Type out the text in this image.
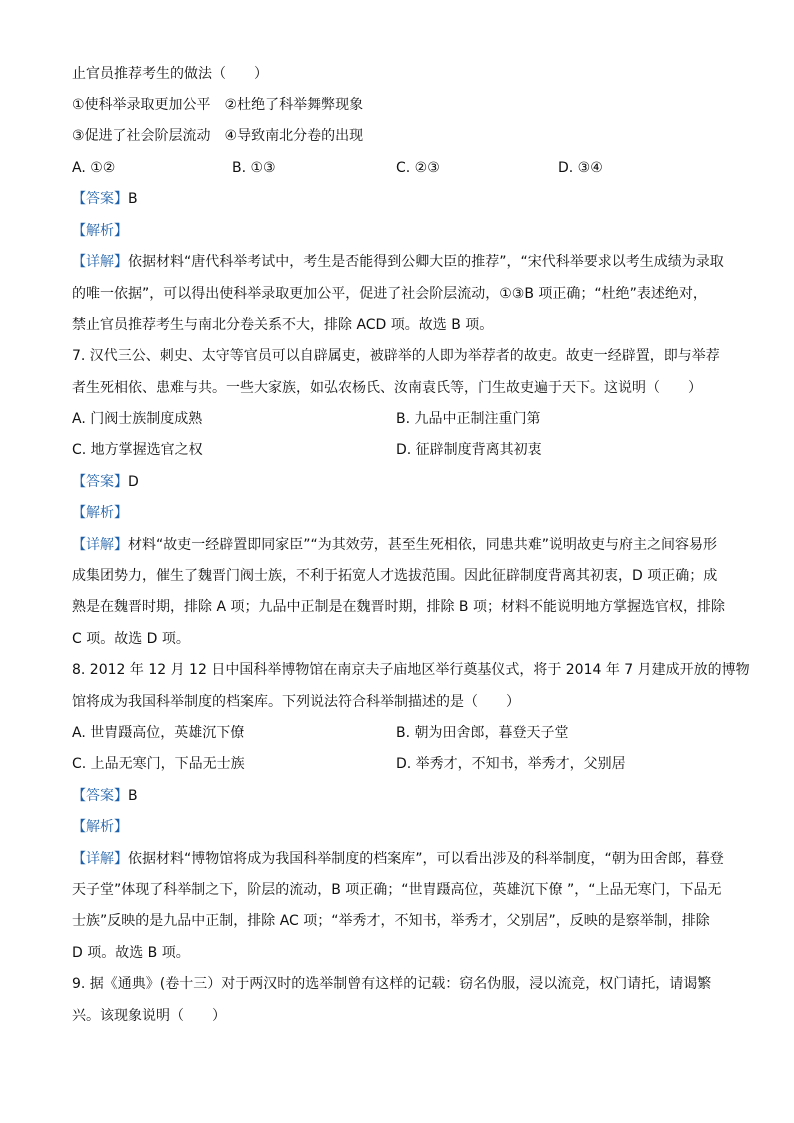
止官员推荐考生的做法（　　）
①使科举录取更加公平　②杜绝了科举舞弊现象
③促进了社会阶层流动　④导致南北分卷的出现
A. ①②	B. ①③	C. ②③	D. ③④
【答案】B
【解析】
【详解】依据材料“唐代科举考试中，考生是否能得到公卿大臣的推荐”，“宋代科举要求以考生成绩为录取
的唯一依据”，可以得出使科举录取更加公平，促进了社会阶层流动，①③B 项正确；“杜绝”表述绝对，
禁止官员推荐考生与南北分卷关系不大，排除 ACD 项。故选 B 项。
7. 汉代三公、刺史、太守等官员可以自辟属吏，被辟举的人即为举荐者的故吏。故吏一经辟置，即与举荐
者生死相依、患难与共。一些大家族，如弘农杨氏、汝南袁氏等，门生故吏遍于天下。这说明（　　）
A. 门阀士族制度成熟	B. 九品中正制注重门第
C. 地方掌握选官之权	D. 征辟制度背离其初衷
【答案】D
【解析】
【详解】材料“故吏一经辟置即同家臣”“为其效劳，甚至生死相依，同患共难”说明故吏与府主之间容易形
成集团势力，催生了魏晋门阀士族，不利于拓宽人才选拔范围。因此征辟制度背离其初衷，D 项正确；成
熟是在魏晋时期，排除 A 项；九品中正制是在魏晋时期，排除 B 项；材料不能说明地方掌握选官权，排除
C 项。故选 D 项。
8. 2012 年 12 月 12 日中国科举博物馆在南京夫子庙地区举行奠基仪式，将于 2014 年 7 月建成开放的博物
馆将成为我国科举制度的档案库。下列说法符合科举制描述的是（　　）
A. 世胄蹑高位，英雄沉下僚	B. 朝为田舍郎，暮登天子堂
C. 上品无寒门，下品无士族	D. 举秀才，不知书，举秀才，父别居
【答案】B
【解析】
【详解】依据材料“博物馆将成为我国科举制度的档案库”，可以看出涉及的科举制度，“朝为田舍郎，暮登
天子堂”体现了科举制之下，阶层的流动，B 项正确；“世胄蹑高位，英雄沉下僚 ”，“上品无寒门，下品无
士族”反映的是九品中正制，排除 AC 项；“举秀才，不知书，举秀才，父别居”，反映的是察举制，排除
D 项。故选 B 项。
9. 据《通典》(卷十三）对于两汉时的选举制曾有这样的记载：窃名伪服，浸以流竞，权门请托，请谒繁
兴。该现象说明（　　）
